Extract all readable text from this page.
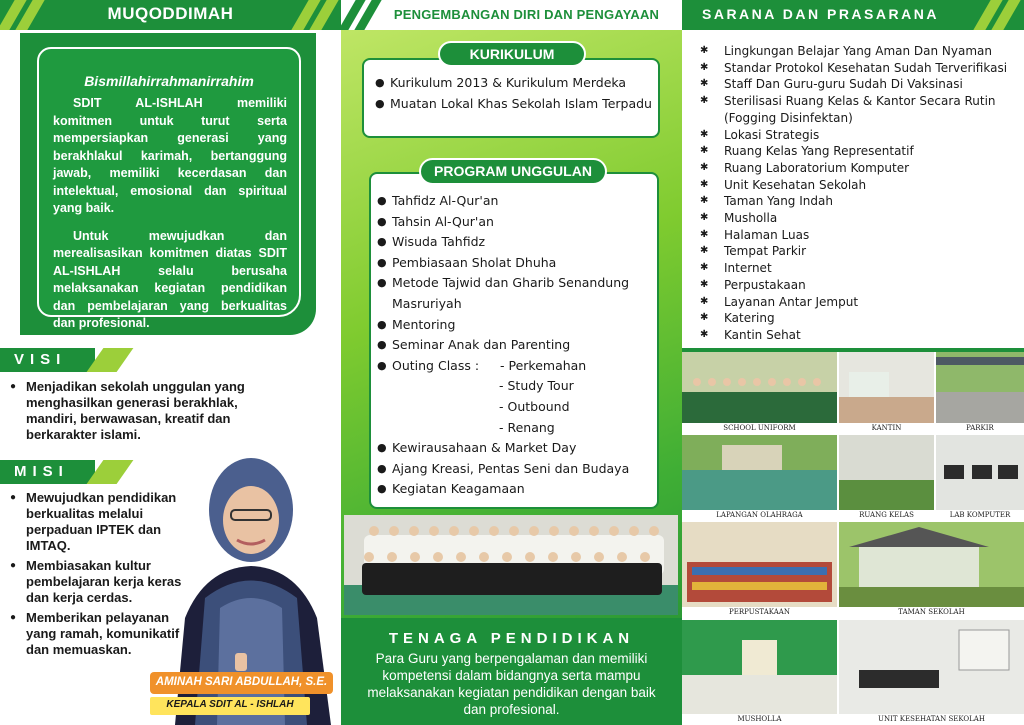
MUQODDIMAH
Bismillahirrahmanirrahim

SDIT AL-ISHLAH memiliki komitmen untuk turut serta mempersiapkan generasi yang berakhlakul karimah, bertanggung jawab, memiliki kecerdasan dan intelektual, emosional dan spiritual yang baik.

Untuk mewujudkan dan merealisasikan komitmen diatas SDIT AL-ISHLAH selalu berusaha melaksanakan kegiatan pendidikan dan pembelajaran yang berkualitas dan profesional.

VISI
● Menjadikan sekolah unggulan yang menghasilkan generasi berakhlak, mandiri, berwawasan, kreatif dan berkarakter islami.
MISI
● Mewujudkan pendidikan berkualitas melalui perpaduan IPTEK dan IMTAQ.
● Membiasakan kultur pembelajaran kerja keras dan kerja cerdas.
● Memberikan pelayanan yang ramah, komunikatif dan memuaskan.
AMINAH SARI ABDULLAH, S.E.
KEPALA SDIT AL - ISHLAH
PENGEMBANGAN DIRI DAN PENGAYAAN
KURIKULUM
● Kurikulum 2013 & Kurikulum Merdeka
● Muatan Lokal Khas Sekolah Islam Terpadu
PROGRAM UNGGULAN
● Tahfidz Al-Qur'an
● Tahsin Al-Qur'an
● Wisuda Tahfidz
● Pembiasaan Sholat Dhuha
● Metode Tajwid dan Gharib Senandung Masruriyah
● Mentoring
● Seminar Anak dan Parenting
● Outing Class : - Perkemahan
- Study Tour
- Outbound
- Renang
● Kewirausahaan & Market Day
● Ajang Kreasi, Pentas Seni dan Budaya
● Kegiatan Keagamaan
TENAGA PENDIDIKAN
Para Guru yang berpengalaman dan memiliki kompetensi dalam bidangnya serta mampu melaksanakan kegiatan pendidikan dengan baik dan profesional.
SARANA DAN PRASARANA
✱ Lingkungan Belajar Yang Aman Dan Nyaman
✱ Standar Protokol Kesehatan Sudah Terverifikasi
✱ Staff Dan Guru-guru Sudah Di Vaksinasi
✱ Sterilisasi Ruang Kelas & Kantor Secara Rutin (Fogging Disinfektan)
✱ Lokasi Strategis
✱ Ruang Kelas Yang Representatif
✱ Ruang Laboratorium Komputer
✱ Unit Kesehatan Sekolah
✱ Taman Yang Indah
✱ Musholla
✱ Halaman Luas
✱ Tempat Parkir
✱ Internet
✱ Perpustakaan
✱ Layanan Antar Jemput
✱ Katering
✱ Kantin Sehat
SCHOOL UNIFORM	KANTIN	PARKIR
LAPANGAN OLAHRAGA	RUANG KELAS	LAB KOMPUTER
PERPUSTAKAAN	TAMAN SEKOLAH
MUSHOLLA	UNIT KESEHATAN SEKOLAH
